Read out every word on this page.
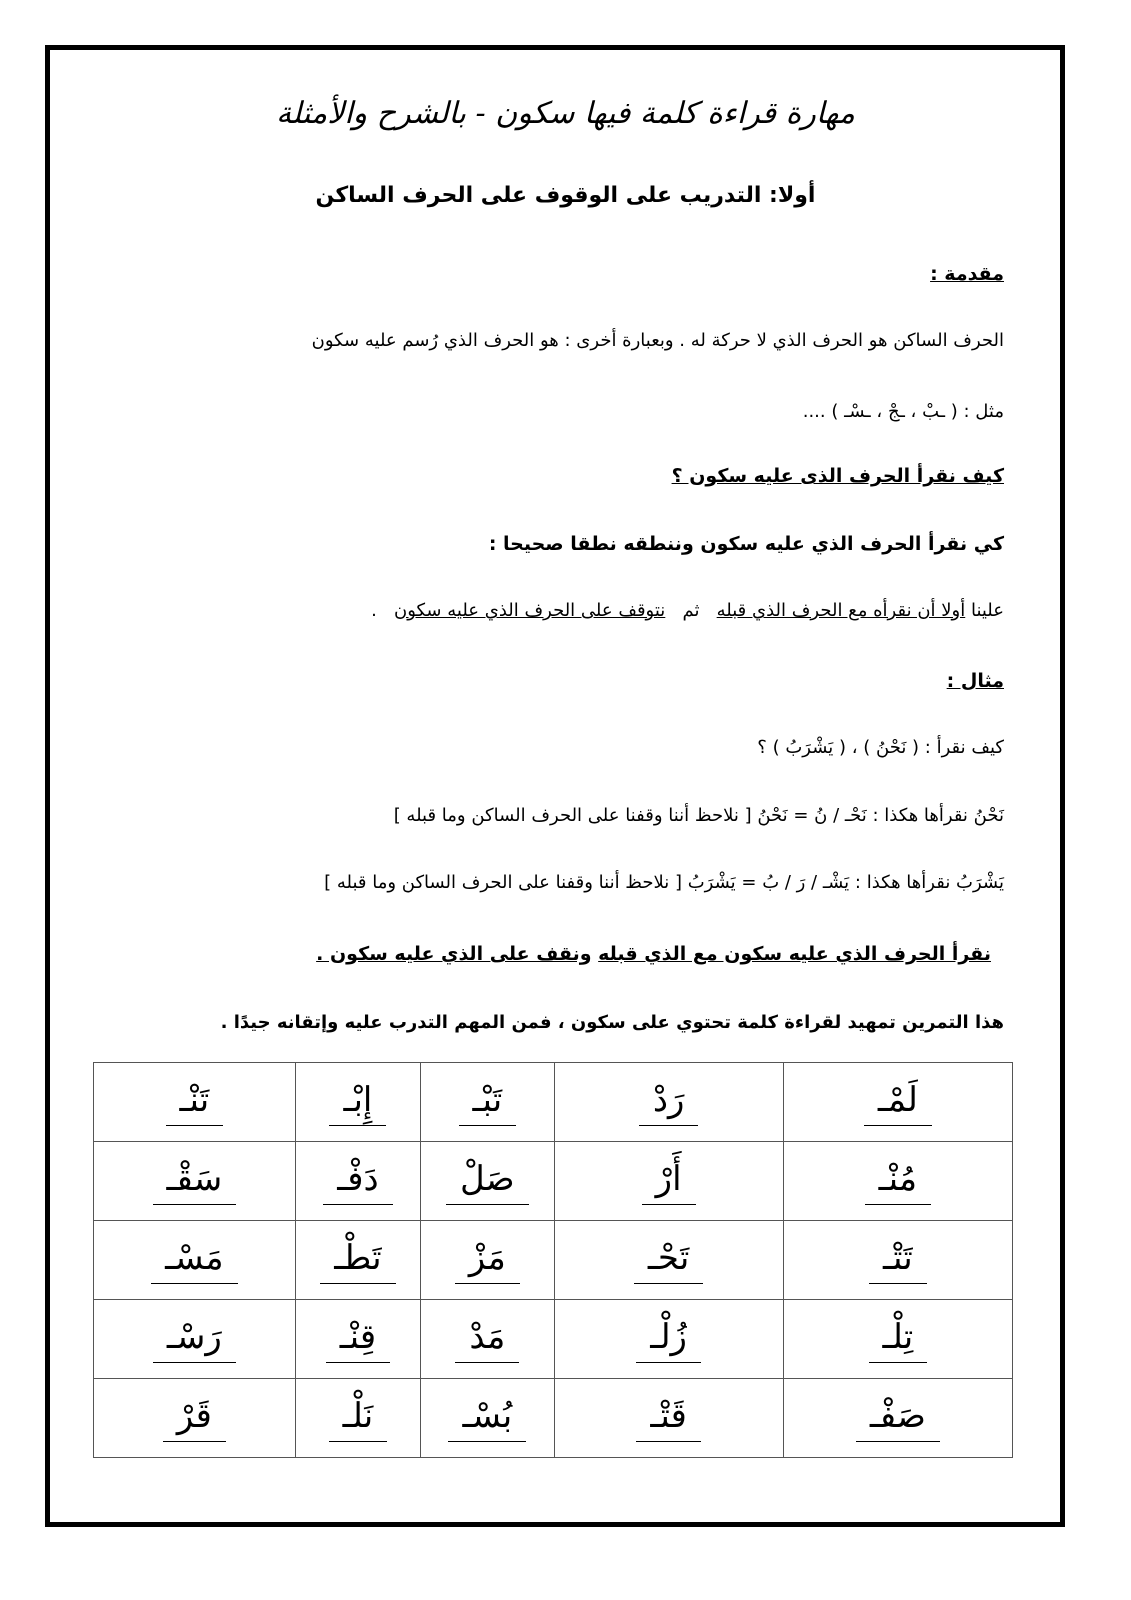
مهارة قراءة كلمة فيها سكون - بالشرح والأمثلة
أولا: التدريب على الوقوف على الحرف الساكن
مقدمة :
الحرف الساكن هو الحرف الذي لا حركة له . وبعبارة أخرى : هو الحرف الذي رُسم عليه سكون
مثل : ( ـبْ ، ـجْ ، ـسْـ ) ....
كيف نقرأ الحرف الذى عليه سكون ؟
كي نقرأ الحرف الذي عليه سكون وننطقه نطقا صحيحا :
علينا أولا أن نقرأه مع الحرف الذي قبله   ثم   نتوقف على الحرف الذي عليه سكون   .
مثال :
كيف نقرأ : ( نَحْنُ ) ، ( يَشْرَبُ ) ؟
نَحْنُ نقرأها هكذا : نَحْـ / نُ = نَحْنُ [ نلاحظ أننا وقفنا على الحرف الساكن وما قبله ]
يَشْرَبُ نقرأها هكذا : يَشْـ / رَ / بُ = يَشْرَبُ [ نلاحظ أننا وقفنا على الحرف الساكن وما قبله ]
نقرأ الحرف الذي عليه سكون مع الذي قبله ونقف على الذي عليه سكون .
هذا التمرين تمهيد لقراءة كلمة تحتوي على سكون ، فمن المهم التدرب عليه وإتقانه جيدًا .
لَمْـ	رَدْ	تَبْـ	إِبْـ	تَنْـ
مُنْـ	أَرْ	صَلْ	دَفْـ	سَقْـ
تَتْـ	تَحْـ	مَزْ	تَطْـ	مَسْـ
تِلْـ	زُلْـ	مَدْ	قِنْـ	رَسْـ
صَفْـ	قَتْـ	بُسْـ	نَلْـ	قَرْ
